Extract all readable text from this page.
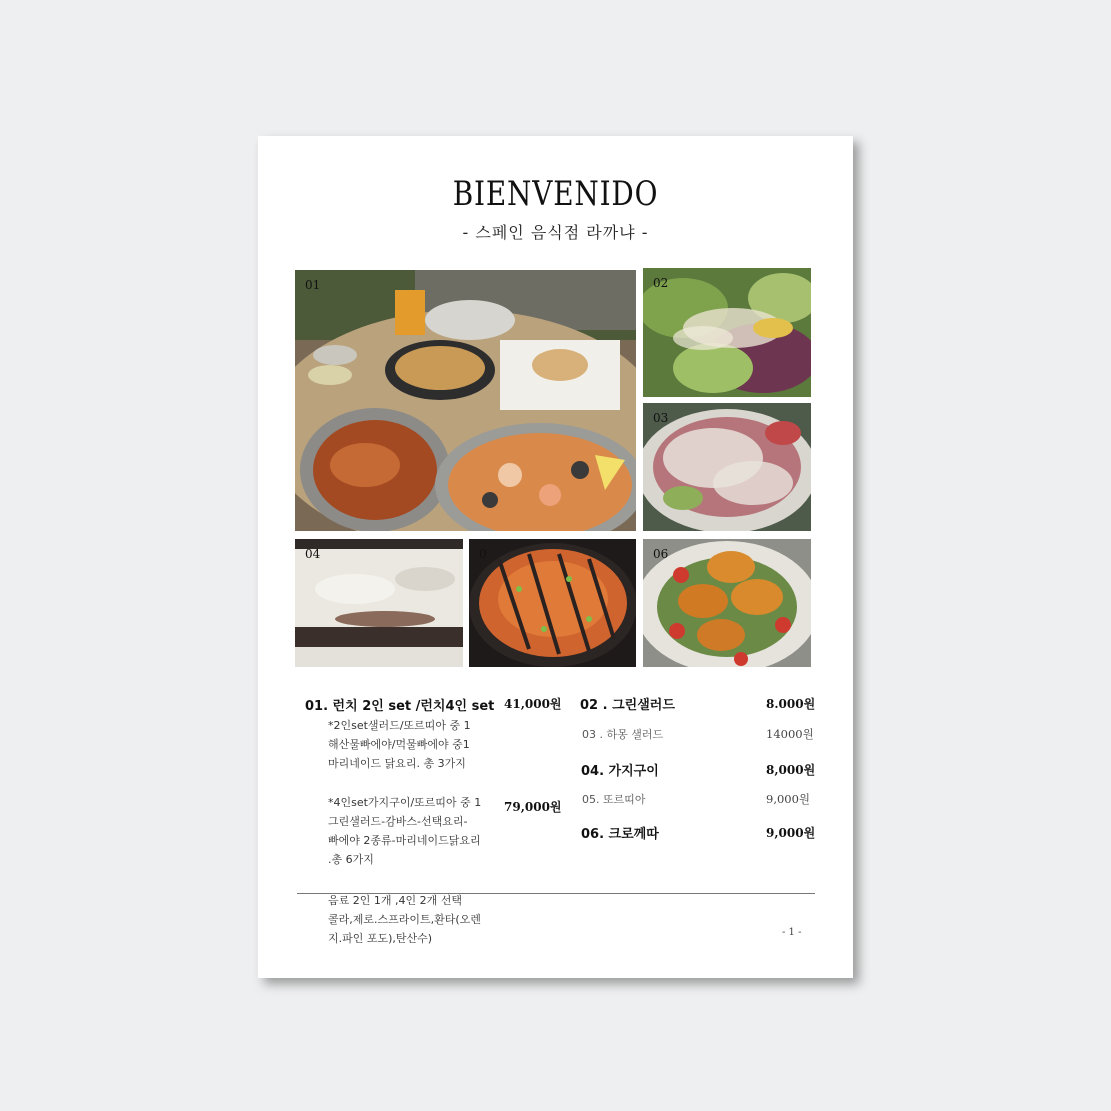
BIENVENIDO
- 스페인 음식점 라까냐 -
01	02
03
04	0	06
01. 런치 2인 set /런치4인 set 41,000원
*2인set샐러드/또르띠아 중 1
해산물빠에야/먹물빠에야 중1
마리네이드 닭요리. 총 3가지
*4인set가지구이/또르띠아 중 1
그린샐러드-감바스-선택요리-
빠에야 2종류-마리네이드닭요리
.총 6가지
79,000원
음료 2인 1개 ,4인 2개 선택
콜라,제로.스프라이트,환타(오렌
지.파인 포도),탄산수)
02 . 그린샐러드	8.000원
03 . 하몽 샐러드	14000원
04. 가지구이	8,000원
05. 또르띠아	9,000원
06. 크로께따	9,000원
- 1 -
